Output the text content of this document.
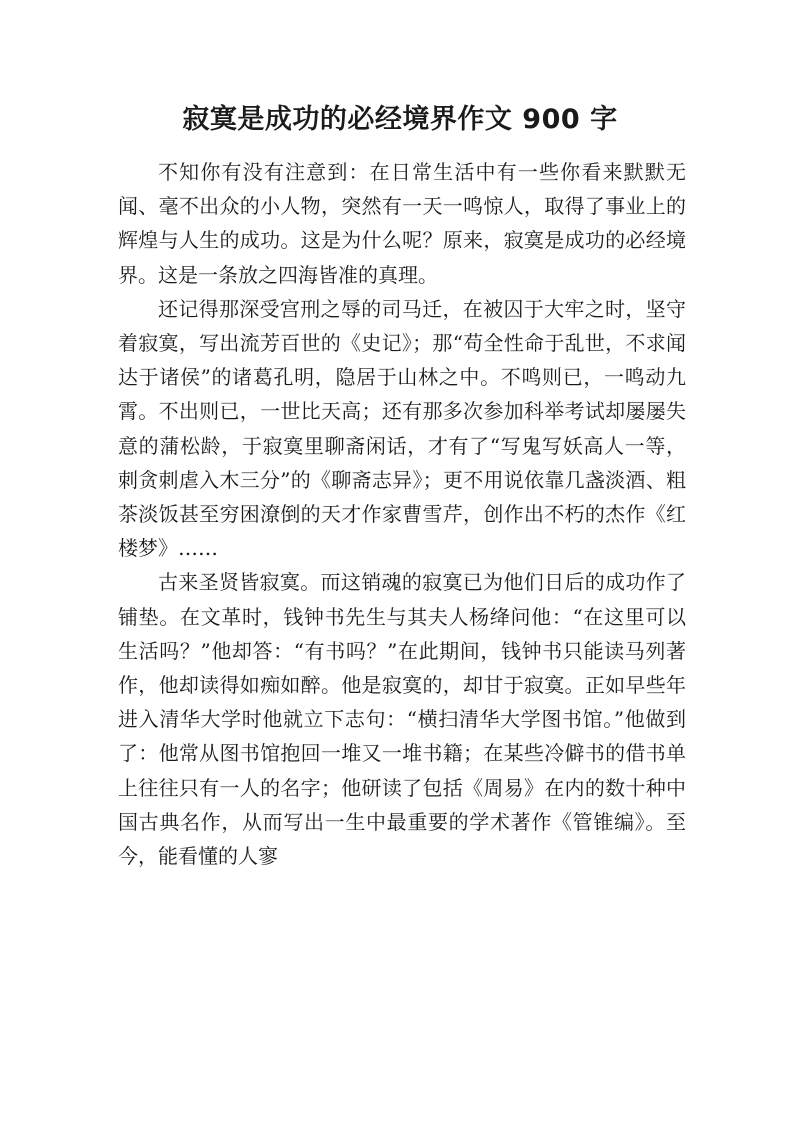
寂寞是成功的必经境界作文 900 字

不知你有没有注意到：在日常生活中有一些你看来默默无闻、毫不出众的小人物，突然有一天一鸣惊人，取得了事业上的辉煌与人生的成功。这是为什么呢？原来，寂寞是成功的必经境界。这是一条放之四海皆准的真理。

还记得那深受宫刑之辱的司马迁，在被囚于大牢之时，坚守着寂寞，写出流芳百世的《史记》；那“苟全性命于乱世，不求闻达于诸侯”的诸葛孔明，隐居于山林之中。不鸣则已，一鸣动九霄。不出则已，一世比天高；还有那多次参加科举考试却屡屡失意的蒲松龄，于寂寞里聊斋闲话，才有了“写鬼写妖高人一等，刺贪刺虐入木三分”的《聊斋志异》；更不用说依靠几盏淡酒、粗茶淡饭甚至穷困潦倒的天才作家曹雪芹，创作出不朽的杰作《红楼梦》……

古来圣贤皆寂寞。而这销魂的寂寞已为他们日后的成功作了铺垫。在文革时，钱钟书先生与其夫人杨绛问他：“在这里可以生活吗？”他却答：“有书吗？”在此期间，钱钟书只能读马列著作，他却读得如痴如醉。他是寂寞的，却甘于寂寞。正如早些年进入清华大学时他就立下志句：“横扫清华大学图书馆。”他做到了：他常从图书馆抱回一堆又一堆书籍；在某些冷僻书的借书单上往往只有一人的名字；他研读了包括《周易》在内的数十种中国古典名作，从而写出一生中最重要的学术著作《管锥编》。至今，能看懂的人寥
